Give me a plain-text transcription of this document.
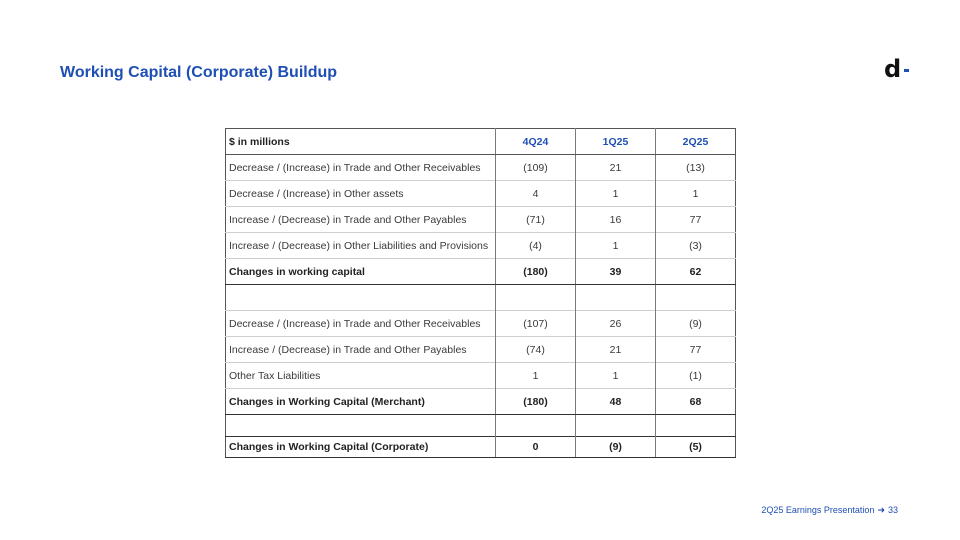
Working Capital (Corporate) Buildup	d
$ in millions	4Q24	1Q25	2Q25
Decrease / (Increase) in Trade and Other Receivables	(109)	21	(13)
Decrease / (Increase) in Other assets	4	1	1
Increase / (Decrease) in Trade and Other Payables	(71)	16	77
Increase / (Decrease) in Other Liabilities and Provisions	(4)	1	(3)
Changes in working capital	(180)	39	62

Decrease / (Increase) in Trade and Other Receivables	(107)	26	(9)
Increase / (Decrease) in Trade and Other Payables	(74)	21	77
Other Tax Liabilities	1	1	(1)
Changes in Working Capital (Merchant)	(180)	48	68

Changes in Working Capital (Corporate)	0	(9)	(5)
2Q25 Earnings Presentation ➜ 33
